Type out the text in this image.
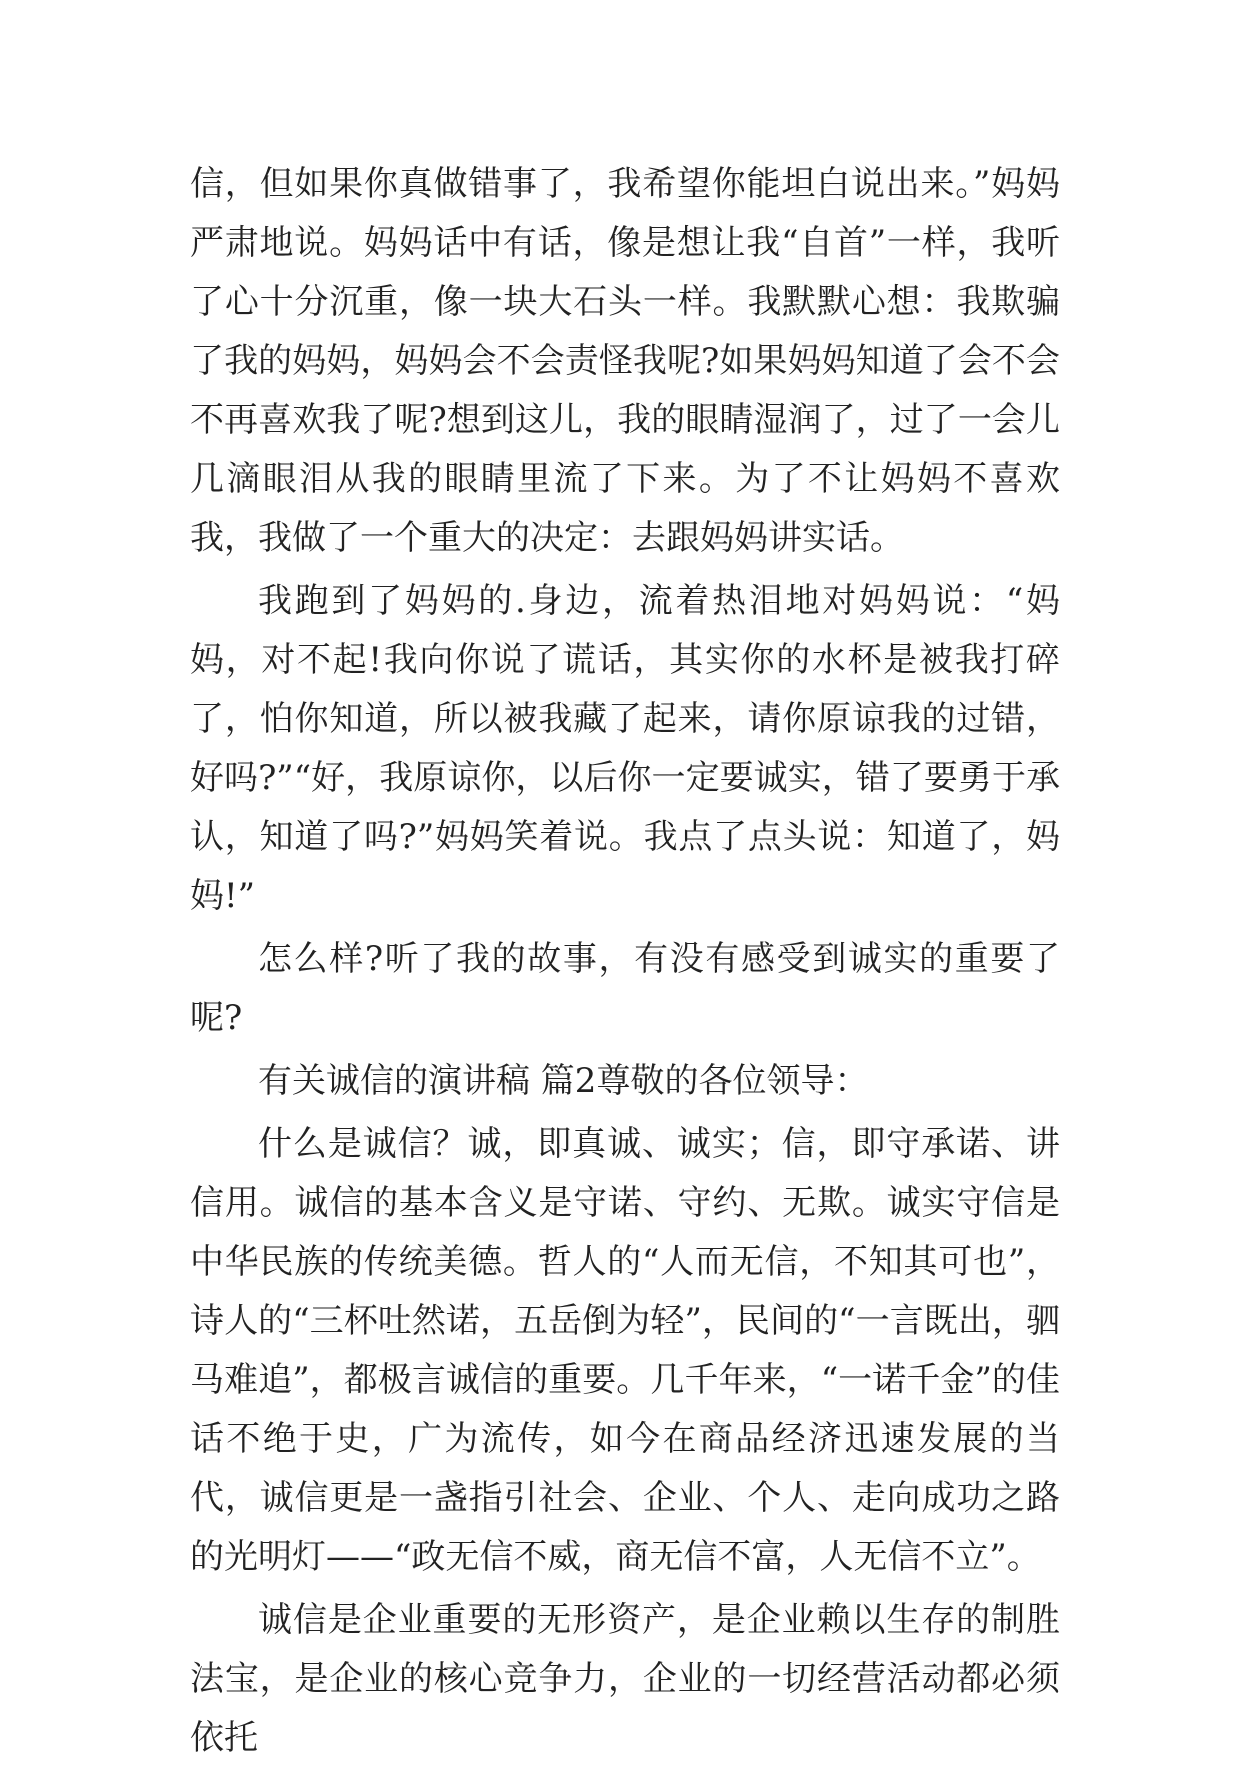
信，但如果你真做错事了，我希望你能坦白说出来。”妈妈严肃地说。妈妈话中有话，像是想让我“自首”一样，我听了心十分沉重，像一块大石头一样。我默默心想：我欺骗了我的妈妈，妈妈会不会责怪我呢?如果妈妈知道了会不会不再喜欢我了呢?想到这儿，我的眼睛湿润了，过了一会儿几滴眼泪从我的眼睛里流了下来。为了不让妈妈不喜欢我，我做了一个重大的决定：去跟妈妈讲实话。

我跑到了妈妈的.身边，流着热泪地对妈妈说：“妈妈，对不起!我向你说了谎话，其实你的水杯是被我打碎了，怕你知道，所以被我藏了起来，请你原谅我的过错，好吗?”“好，我原谅你，以后你一定要诚实，错了要勇于承认，知道了吗?”妈妈笑着说。我点了点头说：知道了，妈妈!”

怎么样?听了我的故事，有没有感受到诚实的重要了呢?

有关诚信的演讲稿 篇2尊敬的各位领导：

什么是诚信？诚，即真诚、诚实；信，即守承诺、讲信用。诚信的基本含义是守诺、守约、无欺。诚实守信是中华民族的传统美德。哲人的“人而无信，不知其可也”，诗人的“三杯吐然诺，五岳倒为轻”，民间的“一言既出，驷马难追”，都极言诚信的重要。几千年来，“一诺千金”的佳话不绝于史，广为流传，如今在商品经济迅速发展的当代，诚信更是一盏指引社会、企业、个人、走向成功之路的光明灯——“政无信不威，商无信不富，人无信不立”。

诚信是企业重要的无形资产，是企业赖以生存的制胜法宝，是企业的核心竞争力，企业的一切经营活动都必须依托
